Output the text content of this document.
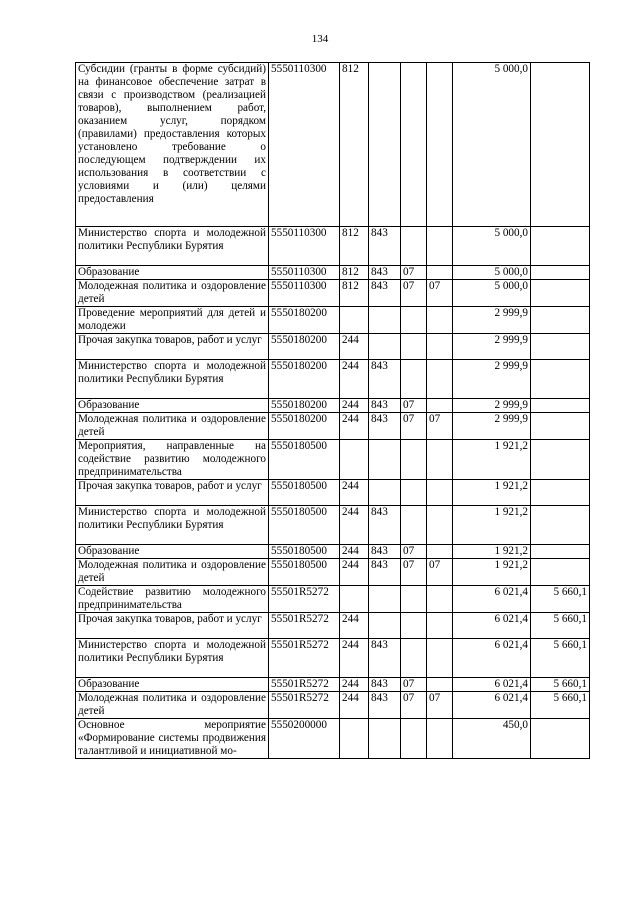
134
Субсидии (гранты в форме субсидий) на финансовое обеспечение затрат в связи с производством (реализацией товаров), выполнением работ, оказанием услуг, порядком (правилами) предоставления которых установлено требование о последующем подтверждении их использования в соответствии с условиями и (или) целями предоставления	5550110300	812				5 000,0	
Министерство спорта и молодежной политики Республики Бурятия	5550110300	812	843			5 000,0	
Образование	5550110300	812	843	07		5 000,0	
Молодежная политика и оздоровление детей	5550110300	812	843	07	07	5 000,0	
Проведение мероприятий для детей и молодежи	5550180200					2 999,9	
Прочая закупка товаров, работ и услуг	5550180200	244				2 999,9	
Министерство спорта и молодежной политики Республики Бурятия	5550180200	244	843			2 999,9	
Образование	5550180200	244	843	07		2 999,9	
Молодежная политика и оздоровление детей	5550180200	244	843	07	07	2 999,9	
Мероприятия, направленные на содействие развитию молодежного предпринимательства	5550180500					1 921,2	
Прочая закупка товаров, работ и услуг	5550180500	244				1 921,2	
Министерство спорта и молодежной политики Республики Бурятия	5550180500	244	843			1 921,2	
Образование	5550180500	244	843	07		1 921,2	
Молодежная политика и оздоровление детей	5550180500	244	843	07	07	1 921,2	
Содействие развитию молодежного предпринимательства	55501R5272					6 021,4	5 660,1
Прочая закупка товаров, работ и услуг	55501R5272	244				6 021,4	5 660,1
Министерство спорта и молодежной политики Республики Бурятия	55501R5272	244	843			6 021,4	5 660,1
Образование	55501R5272	244	843	07		6 021,4	5 660,1
Молодежная политика и оздоровление детей	55501R5272	244	843	07	07	6 021,4	5 660,1
Основное мероприятие «Формирование системы продвижения талантливой и инициативной мо-	5550200000					450,0	
